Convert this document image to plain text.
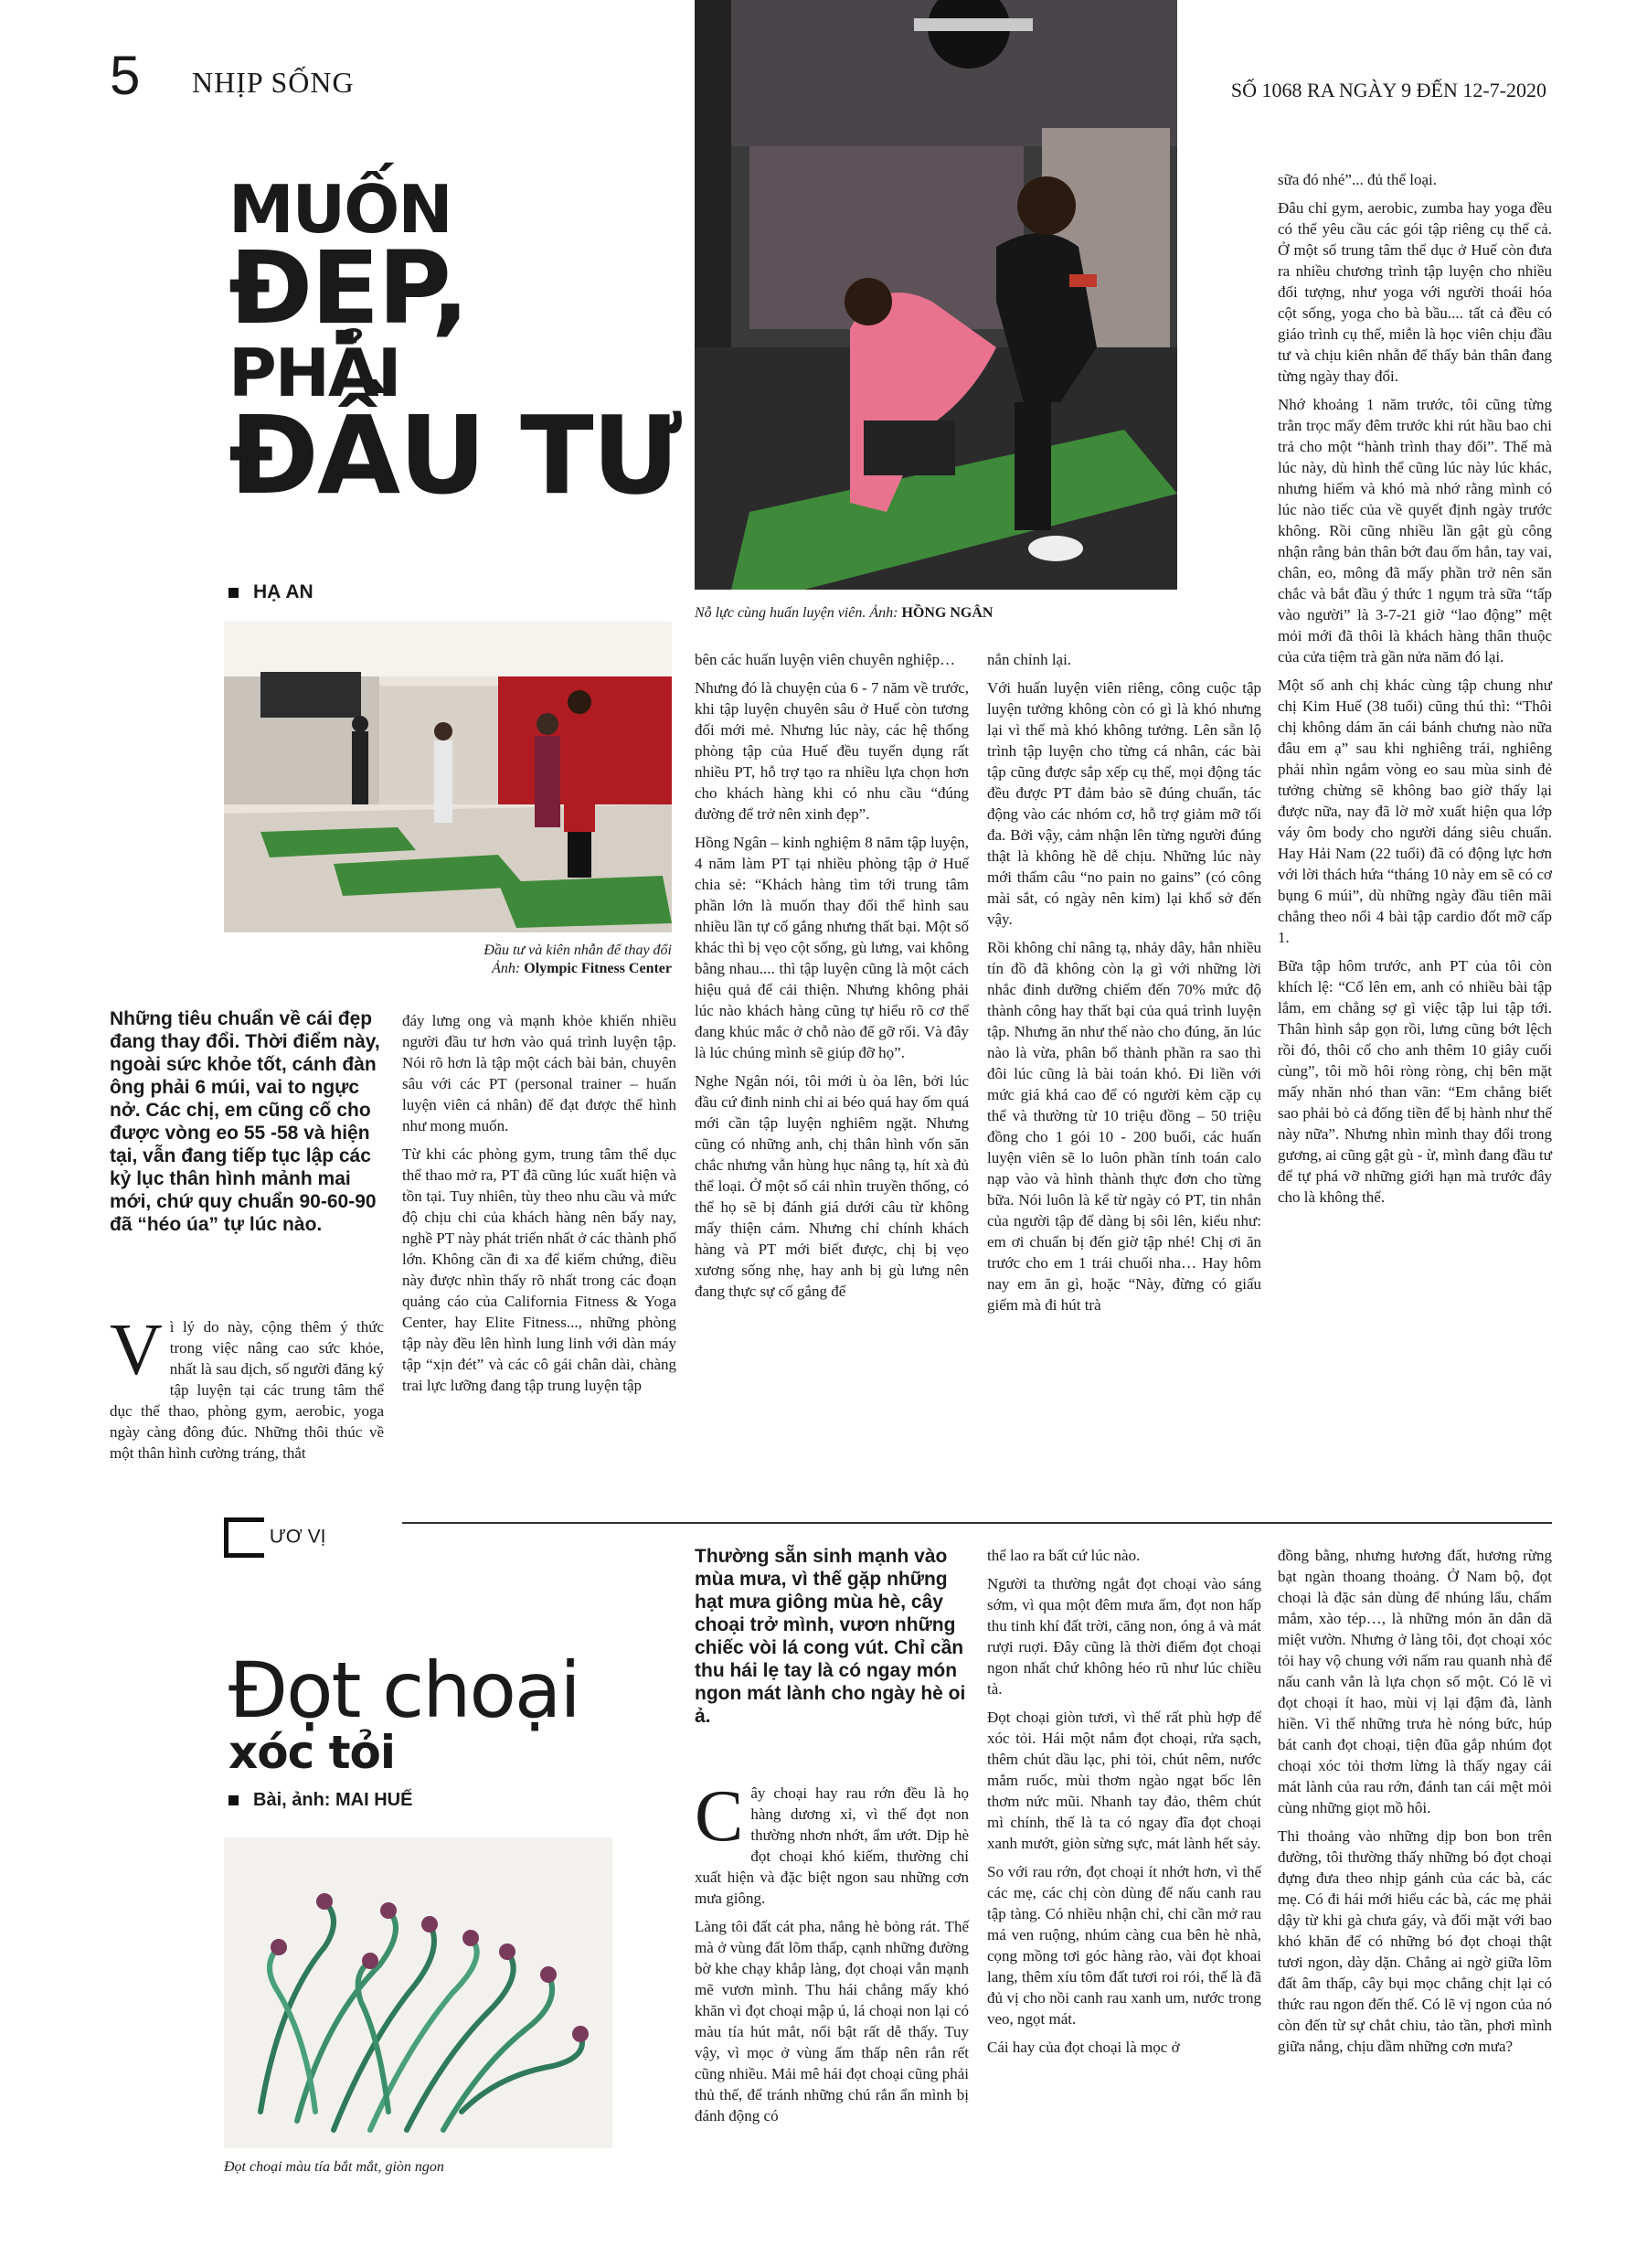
5 NHỊP SỐNG	SỐ 1068 RA NGÀY 9 ĐẾN 12-7-2020
MUỐN
ĐẸP,
PHẢI
ĐẦU TƯ
HẠ AN
Đầu tư và kiên nhẫn để thay đổi
Ảnh: Olympic Fitness Center
Nỗ lực cùng huấn luyện viên. Ảnh: HỒNG NGÂN
Những tiêu chuẩn về cái đẹp đang thay đổi. Thời điểm này, ngoài sức khỏe tốt, cánh đàn ông phải 6 múi, vai to ngực nở. Các chị, em cũng cố cho được vòng eo 55 -58 và hiện tại, vẫn đang tiếp tục lập các kỷ lục thân hình mảnh mai mới, chứ quy chuẩn 90-60-90 đã “héo úa” tự lúc nào.

Vì lý do này, cộng thêm ý thức trong việc nâng cao sức khỏe, nhất là sau dịch, số người đăng ký tập luyện tại các trung tâm thể dục thể thao, phòng gym, aerobic, yoga ngày càng đông đúc. Những thôi thúc về một thân hình cường tráng, thắt

đáy lưng ong và mạnh khỏe khiến nhiều người đầu tư hơn vào quá trình luyện tập. Nói rõ hơn là tập một cách bài bản, chuyên sâu với các PT (personal trainer – huấn luyện viên cá nhân) để đạt được thể hình như mong muốn.

Từ khi các phòng gym, trung tâm thể dục thể thao mở ra, PT đã cũng lúc xuất hiện và tồn tại. Tuy nhiên, tùy theo nhu cầu và mức độ chịu chi của khách hàng nên bấy nay, nghề PT này phát triển nhất ở các thành phố lớn. Không cần đi xa để kiểm chứng, điều này được nhìn thấy rõ nhất trong các đoạn quảng cáo của California Fitness & Yoga Center, hay Elite Fitness..., những phòng tập này đều lên hình lung linh với dàn máy tập “xịn đét” và các cô gái chân dài, chàng trai lực lưỡng đang tập trung luyện tập

bên các huấn luyện viên chuyên nghiệp…

Nhưng đó là chuyện của 6 - 7 năm về trước, khi tập luyện chuyên sâu ở Huế còn tương đối mới mẻ. Nhưng lúc này, các hệ thống phòng tập của Huế đều tuyển dụng rất nhiều PT, hỗ trợ tạo ra nhiều lựa chọn hơn cho khách hàng khi có nhu cầu “đúng đường để trở nên xinh đẹp”.

Hồng Ngân – kinh nghiệm 8 năm tập luyện, 4 năm làm PT tại nhiều phòng tập ở Huế chia sẻ: “Khách hàng tìm tới trung tâm phần lớn là muốn thay đổi thể hình sau nhiều lần tự cố gắng nhưng thất bại. Một số khác thì bị vẹo cột sống, gù lưng, vai không bằng nhau.... thì tập luyện cũng là một cách hiệu quả để cải thiện. Nhưng không phải lúc nào khách hàng cũng tự hiểu rõ cơ thể đang khúc mắc ở chỗ nào để gỡ rối. Và đây là lúc chúng mình sẽ giúp đỡ họ”.

Nghe Ngân nói, tôi mới ù òa lên, bởi lúc đầu cứ đinh ninh chỉ ai béo quá hay ốm quá mới cần tập luyện nghiêm ngặt. Nhưng cũng có những anh, chị thân hình vốn săn chắc nhưng vẫn hùng hục nâng tạ, hít xà đủ thể loại. Ở một số cái nhìn truyền thống, có thể họ sẽ bị đánh giá dưới câu từ không mấy thiện cảm. Nhưng chỉ chính khách hàng và PT mới biết được, chị bị vẹo xương sống nhẹ, hay anh bị gù lưng nên đang thực sự cố gắng để

nắn chỉnh lại.

Với huấn luyện viên riêng, công cuộc tập luyện tưởng không còn có gì là khó nhưng lại vì thế mà khó không tưởng. Lên sẵn lộ trình tập luyện cho từng cá nhân, các bài tập cũng được sắp xếp cụ thể, mọi động tác đều được PT đảm bảo sẽ đúng chuẩn, tác động vào các nhóm cơ, hỗ trợ giảm mỡ tối đa. Bởi vậy, cảm nhận lên từng người đúng thật là không hề dễ chịu. Những lúc này mới thấm câu “no pain no gains” (có công mài sắt, có ngày nên kim) lại khổ sở đến vậy.

Rồi không chỉ nâng tạ, nhảy dây, hẳn nhiều tín đồ đã không còn lạ gì với những lời nhắc đinh dưỡng chiếm đến 70% mức độ thành công hay thất bại của quá trình luyện tập. Nhưng ăn như thế nào cho đúng, ăn lúc nào là vừa, phân bổ thành phần ra sao thì đôi lúc cũng là bài toán khó. Đi liền với mức giá khá cao để có người kèm cặp cụ thể và thường từ 10 triệu đồng – 50 triệu đồng cho 1 gói 10 - 200 buổi, các huấn luyện viên sẽ lo luôn phần tính toán calo nạp vào và hình thành thực đơn cho từng bữa. Nói luôn là kể từ ngày có PT, tin nhắn của người tập để dàng bị sôi lên, kiểu như: em ơi chuẩn bị đến giờ tập nhé! Chị ơi ăn trước cho em 1 trái chuối nha… Hay hôm nay em ăn gì, hoặc “Này, đừng có giấu giếm mà đi hút trà

sữa đó nhé”... đủ thể loại.

Đâu chỉ gym, aerobic, zumba hay yoga đều có thể yêu cầu các gói tập riêng cụ thể cả. Ở một số trung tâm thể dục ở Huế còn đưa ra nhiều chương trình tập luyện cho nhiều đối tượng, như yoga với người thoái hóa cột sống, yoga cho bà bầu.... tất cả đều có giáo trình cụ thể, miễn là học viên chịu đầu tư và chịu kiên nhẫn để thấy bản thân đang từng ngày thay đổi.

Nhớ khoảng 1 năm trước, tôi cũng từng trằn trọc mấy đêm trước khi rút hầu bao chi trả cho một “hành trình thay đổi”. Thế mà lúc này, dù hình thể cũng lúc này lúc khác, nhưng hiếm và khó mà nhớ rằng mình có lúc nào tiếc của về quyết định ngày trước không. Rồi cũng nhiều lần gật gù công nhận rằng bản thân bớt đau ốm hẳn, tay vai, chân, eo, mông đã mấy phần trở nên săn chắc và bắt đầu ý thức 1 ngụm trà sữa “tấp vào người” là 3-7-21 giờ “lao động” mệt mỏi mới đã thôi là khách hàng thân thuộc của cửa tiệm trà gần nửa năm đó lại.

Một số anh chị khác cùng tập chung như chị Kim Huế (38 tuổi) cũng thú thì: “Thôi chị không dám ăn cái bánh chưng nào nữa đâu em ạ” sau khi nghiêng trái, nghiêng phải nhìn ngắm vòng eo sau mùa sinh đẻ tưởng chừng sẽ không bao giờ thấy lại được nữa, nay đã lờ mờ xuất hiện qua lớp váy ôm body cho người dáng siêu chuẩn. Hay Hải Nam (22 tuổi) đã có động lực hơn với lời thách hứa “tháng 10 này em sẽ có cơ bụng 6 múi”, dù những ngày đầu tiên mãi chẳng theo nổi 4 bài tập cardio đốt mỡ cấp 1.

Bữa tập hôm trước, anh PT của tôi còn khích lệ: “Cố lên em, anh có nhiều bài tập lắm, em chẳng sợ gì việc tập lui tập tới. Thân hình sắp gọn rồi, lưng cũng bớt lệch rồi đó, thôi cố cho anh thêm 10 giây cuối cùng”, tôi mồ hôi ròng ròng, chị bên mặt mấy nhăn nhó than vãn: “Em chẳng biết sao phải bỏ cả đống tiền để bị hành như thế này nữa”. Nhưng nhìn mình thay đổi trong gương, ai cũng gật gù - ừ, mình đang đầu tư để tự phá vỡ những giới hạn mà trước đây cho là không thể.

ƯƠ VỊ
Đọt choại
xóc tỏi
Bài, ảnh: MAI HUẾ
Đọt choại màu tía bắt mắt, giòn ngon
Thường sẵn sinh mạnh vào mùa mưa, vì thế gặp những hạt mưa giông mùa hè, cây choại trở mình, vươn những chiếc vòi lá cong vút. Chỉ cần thu hái lẹ tay là có ngay món ngon mát lành cho ngày hè oi ả.

Cây choại hay rau rớn đều là họ hàng dương xỉ, vì thế đọt non thường nhơn nhớt, ẩm ướt. Dịp hè đọt choại khó kiếm, thường chỉ xuất hiện và đặc biệt ngon sau những cơn mưa giông.

Làng tôi đất cát pha, nắng hè bỏng rát. Thế mà ở vùng đất lõm thấp, cạnh những đường bờ khe chạy khắp làng, đọt choại vẫn mạnh mẽ vươn mình. Thu hái chẳng mấy khó khăn vì đọt choại mập ú, lá choại non lại có màu tía hút mắt, nổi bật rất dễ thấy. Tuy vậy, vì mọc ở vùng ẩm thấp nên rắn rết cũng nhiều. Mải mê hái đọt choại cũng phải thủ thế, để tránh những chú rắn ẩn mình bị đánh động có

thể lao ra bất cứ lúc nào.

Người ta thường ngắt đọt choại vào sáng sớm, vì qua một đêm mưa ẩm, đọt non hấp thu tinh khí đất trời, căng non, óng ả và mát rượi ruợi. Đây cũng là thời điểm đọt choại ngon nhất chứ không héo rũ như lúc chiều tà.

Đọt choại giòn tươi, vì thế rất phù hợp để xóc tỏi. Hái một nắm đọt choại, rửa sạch, thêm chút dầu lạc, phi tỏi, chút nêm, nước mắm ruốc, mùi thơm ngào ngạt bốc lên thơm nức mũi. Nhanh tay đảo, thêm chút mì chính, thế là ta có ngay đĩa đọt choại xanh mướt, giòn sừng sực, mát lành hết sảy.

So với rau rớn, đọt choại ít nhớt hơn, vì thế các mẹ, các chị còn dùng để nấu canh rau tập tàng. Có nhiều nhận chỉ, chỉ cần mở rau má ven ruộng, nhúm càng cua bên hè nhà, cọng mồng tơi góc hàng rào, vài đọt khoai lang, thêm xíu tôm đất tươi roi rói, thế là đã đủ vị cho nồi canh rau xanh um, nước trong veo, ngọt mát.

Cái hay của đọt choại là mọc ở

đồng bằng, nhưng hương đất, hương rừng bạt ngàn thoang thoảng. Ở Nam bộ, đọt choại là đặc sản dùng để nhúng lẩu, chấm mắm, xào tép…, là những món ăn dân dã miệt vườn. Nhưng ở làng tôi, đọt choại xóc tỏi hay vộ chung với nấm rau quanh nhà để nấu canh vẫn là lựa chọn số một. Có lẽ vì đọt choại ít hao, mùi vị lại đậm đà, lành hiền. Vì thế những trưa hè nóng bức, húp bát canh đọt choại, tiện đũa gắp nhúm đọt choại xóc tỏi thơm lừng là thấy ngay cái mát lành của rau rớn, đánh tan cái mệt mỏi cùng những giọt mồ hôi.

Thi thoảng vào những dịp bon bon trên đường, tôi thường thấy những bó đọt choại đựng đưa theo nhịp gánh của các bà, các mẹ. Có đi hái mới hiểu các bà, các mẹ phải dậy từ khi gà chưa gáy, và đối mặt với bao khó khăn để có những bó đọt choại thật tươi ngon, dày dặn. Chẳng ai ngờ giữa lõm đất âm thấp, cây bụi mọc chẳng chịt lại có thức rau ngon đến thế. Có lẽ vị ngon của nó còn đến từ sự chắt chiu, tảo tần, phơi mình giữa nắng, chịu dầm những cơn mưa?
